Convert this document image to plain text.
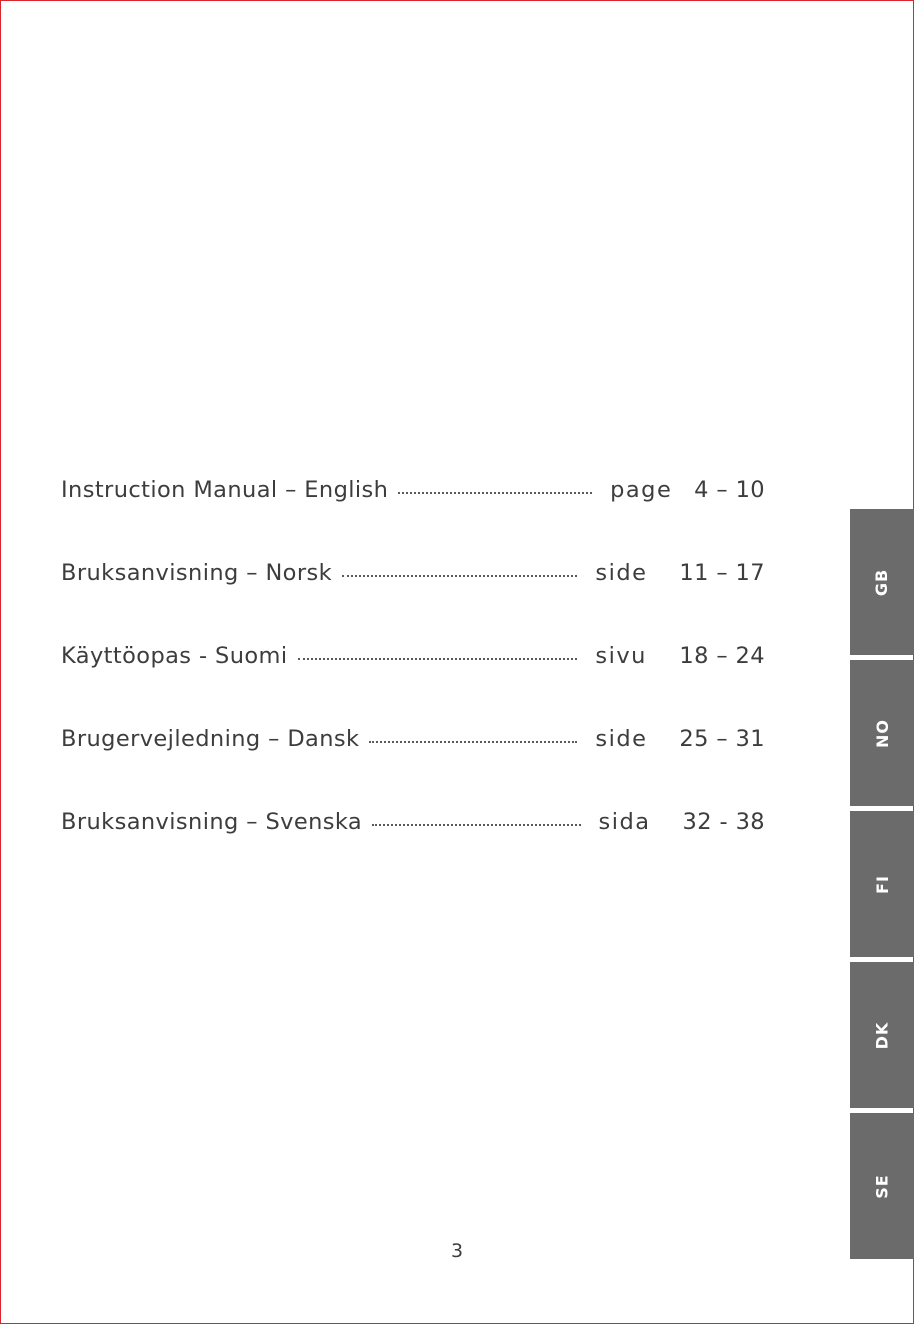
Instruction Manual – English	page 4 – 10
Bruksanvisning – Norsk	side	11 – 17
Käyttöopas - Suomi	sivu	18 – 24
Brugervejledning – Dansk	side	25 – 31
Bruksanvisning – Svenska	sida	32 - 38
GB
NO
FI
DK
SE
3
